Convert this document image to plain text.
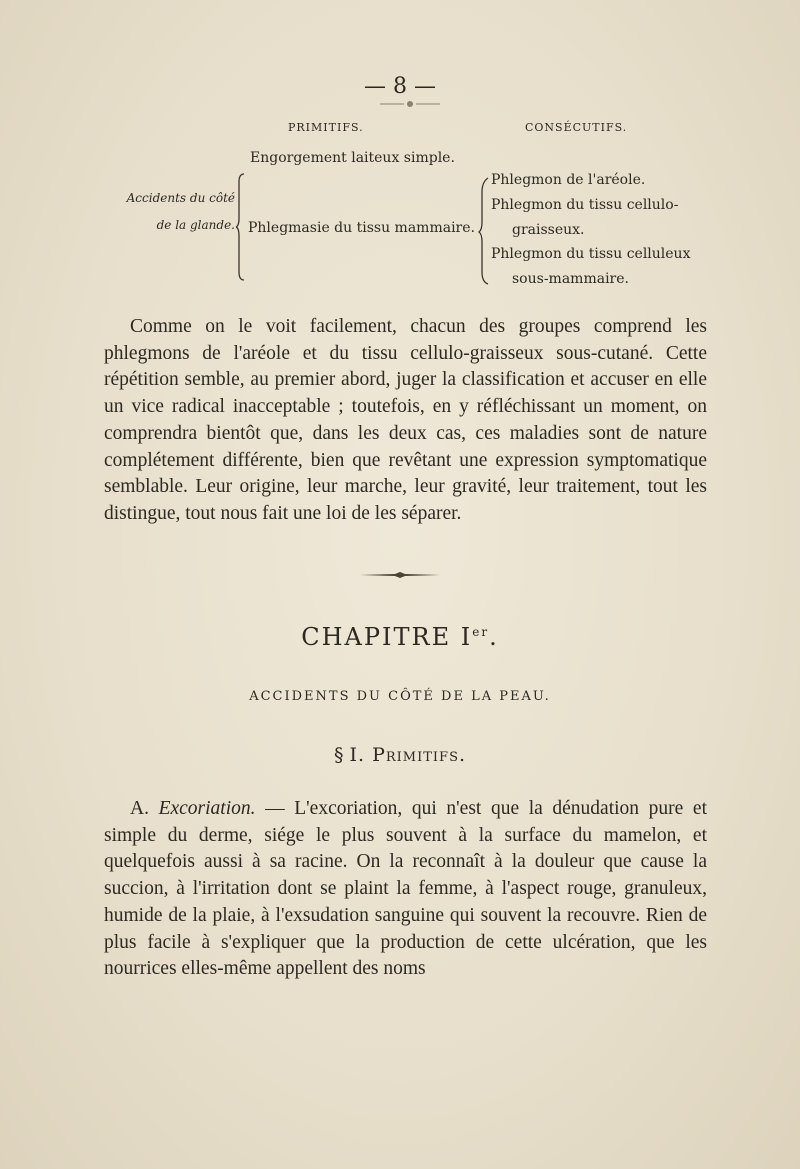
— 8 —
PRIMITIFS.	CONSÉCUTIFS.
Accidents du côté
de la glande.
Engorgement laiteux simple.
Phlegmasie du tissu mammaire.
Phlegmon de l'aréole.
Phlegmon du tissu cellulo-
graisseux.
Phlegmon du tissu celluleux
sous-mammaire.

Comme on le voit facilement, chacun des groupes comprend les phlegmons de l'aréole et du tissu cellulo-graisseux sous-cutané. Cette répétition semble, au premier abord, juger la classification et accuser en elle un vice radical inacceptable ; toutefois, en y réfléchissant un moment, on comprendra bientôt que, dans les deux cas, ces maladies sont de nature complétement différente, bien que revêtant une expression symptomatique semblable. Leur origine, leur marche, leur gravité, leur traitement, tout les distingue, tout nous fait une loi de les séparer.

CHAPITRE Ier.
ACCIDENTS DU CÔTÉ DE LA PEAU.
§ I. Primitifs.

A. Excoriation. — L'excoriation, qui n'est que la dénudation pure et simple du derme, siége le plus souvent à la surface du mamelon, et quelquefois aussi à sa racine. On la reconnaît à la douleur que cause la succion, à l'irritation dont se plaint la femme, à l'aspect rouge, granuleux, humide de la plaie, à l'exsudation sanguine qui souvent la recouvre. Rien de plus facile à s'expliquer que la production de cette ulcération, que les nourrices elles-même appellent des noms
